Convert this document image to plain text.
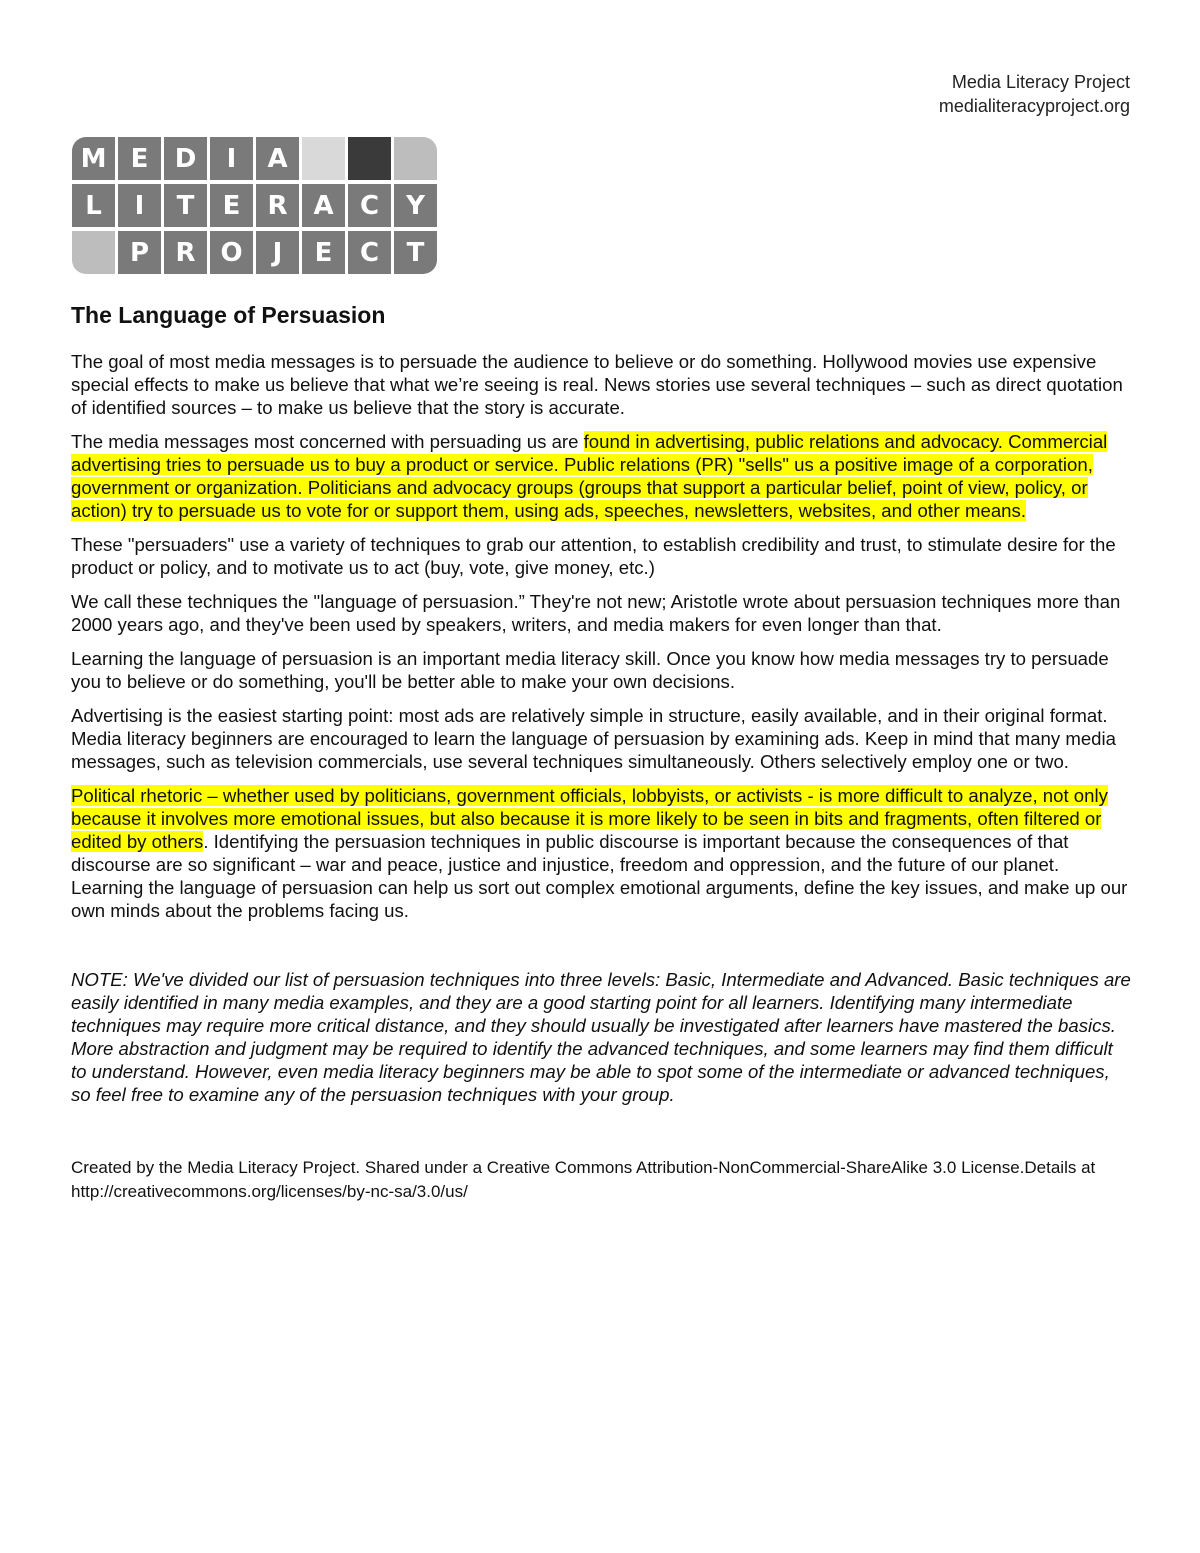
Media Literacy Project
medialiteracyproject.org
M E	D	I	A
L	I	T	E	R A	C	Y
P	R O	J	E	C	T
The Language of Persuasion

The goal of most media messages is to persuade the audience to believe or do something. Hollywood movies use expensive special effects to make us believe that what we’re seeing is real. News stories use several techniques – such as direct quotation of identified sources – to make us believe that the story is accurate.

The media messages most concerned with persuading us are found in advertising, public relations and advocacy. Commercial advertising tries to persuade us to buy a product or service. Public relations (PR) "sells" us a positive image of a corporation, government or organization. Politicians and advocacy groups (groups that support a particular belief, point of view, policy, or action) try to persuade us to vote for or support them, using ads, speeches, newsletters, websites, and other means.

These "persuaders" use a variety of techniques to grab our attention, to establish credibility and trust, to stimulate desire for the product or policy, and to motivate us to act (buy, vote, give money, etc.)

We call these techniques the "language of persuasion.” They're not new; Aristotle wrote about persuasion techniques more than 2000 years ago, and they've been used by speakers, writers, and media makers for even longer than that.

Learning the language of persuasion is an important media literacy skill. Once you know how media messages try to persuade you to believe or do something, you'll be better able to make your own decisions.

Advertising is the easiest starting point: most ads are relatively simple in structure, easily available, and in their original format. Media literacy beginners are encouraged to learn the language of persuasion by examining ads. Keep in mind that many media messages, such as television commercials, use several techniques simultaneously. Others selectively employ one or two.

Political rhetoric – whether used by politicians, government officials, lobbyists, or activists - is more difficult to analyze, not only because it involves more emotional issues, but also because it is more likely to be seen in bits and fragments, often filtered or edited by others. Identifying the persuasion techniques in public discourse is important because the consequences of that discourse are so significant – war and peace, justice and injustice, freedom and oppression, and the future of our planet. Learning the language of persuasion can help us sort out complex emotional arguments, define the key issues, and make up our own minds about the problems facing us.

NOTE: We've divided our list of persuasion techniques into three levels: Basic, Intermediate and Advanced. Basic techniques are easily identified in many media examples, and they are a good starting point for all learners. Identifying many intermediate techniques may require more critical distance, and they should usually be investigated after learners have mastered the basics. More abstraction and judgment may be required to identify the advanced techniques, and some learners may find them difficult to understand. However, even media literacy beginners may be able to spot some of the intermediate or advanced techniques, so feel free to examine any of the persuasion techniques with your group.

Created by the Media Literacy Project. Shared under a Creative Commons Attribution-NonCommercial-ShareAlike 3.0 License.Details at http://creativecommons.org/licenses/by-nc-sa/3.0/us/
